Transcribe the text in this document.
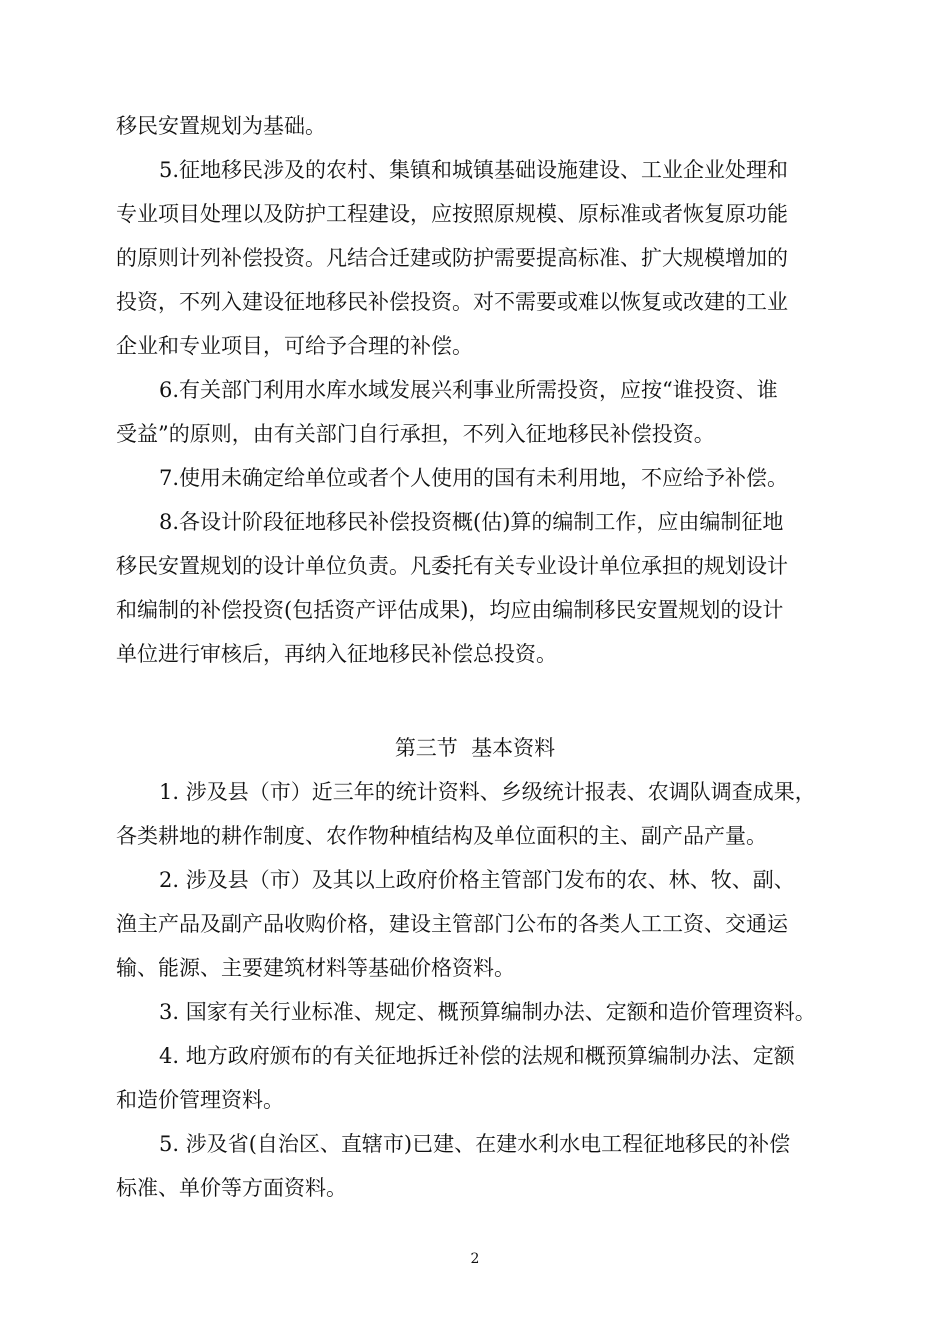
移民安置规划为基础。
5.征地移民涉及的农村、集镇和城镇基础设施建设、工业企业处理和
专业项目处理以及防护工程建设，应按照原规模、原标准或者恢复原功能
的原则计列补偿投资。凡结合迁建或防护需要提高标准、扩大规模增加的
投资，不列入建设征地移民补偿投资。对不需要或难以恢复或改建的工业
企业和专业项目，可给予合理的补偿。
6.有关部门利用水库水域发展兴利事业所需投资，应按“谁投资、谁
受益”的原则，由有关部门自行承担，不列入征地移民补偿投资。
7.使用未确定给单位或者个人使用的国有未利用地，不应给予补偿。
8.各设计阶段征地移民补偿投资概(估)算的编制工作，应由编制征地
移民安置规划的设计单位负责。凡委托有关专业设计单位承担的规划设计
和编制的补偿投资(包括资产评估成果)，均应由编制移民安置规划的设计
单位进行审核后，再纳入征地移民补偿总投资。
第三节  基本资料
1. 涉及县（市）近三年的统计资料、乡级统计报表、农调队调查成果，
各类耕地的耕作制度、农作物种植结构及单位面积的主、副产品产量。
2. 涉及县（市）及其以上政府价格主管部门发布的农、林、牧、副、
渔主产品及副产品收购价格，建设主管部门公布的各类人工工资、交通运
输、能源、主要建筑材料等基础价格资料。
3. 国家有关行业标准、规定、概预算编制办法、定额和造价管理资料。
4. 地方政府颁布的有关征地拆迁补偿的法规和概预算编制办法、定额
和造价管理资料。
5. 涉及省(自治区、直辖市)已建、在建水利水电工程征地移民的补偿
标准、单价等方面资料。
2
